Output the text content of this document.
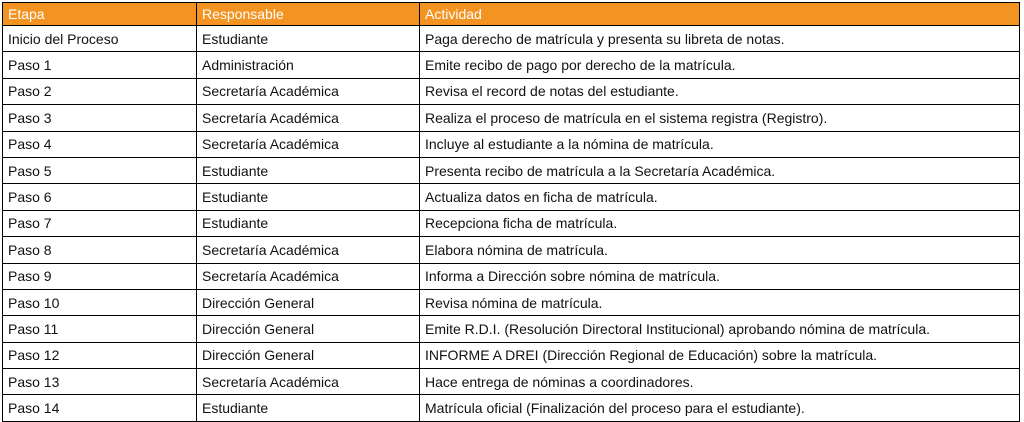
Etapa	Responsable	Actividad
Inicio del Proceso	Estudiante	Paga derecho de matrícula y presenta su libreta de notas.
Paso 1	Administración	Emite recibo de pago por derecho de la matrícula.
Paso 2	Secretaría Académica	Revisa el record de notas del estudiante.
Paso 3	Secretaría Académica	Realiza el proceso de matrícula en el sistema registra (Registro).
Paso 4	Secretaría Académica	Incluye al estudiante a la nómina de matrícula.
Paso 5	Estudiante	Presenta recibo de matrícula a la Secretaría Académica.
Paso 6	Estudiante	Actualiza datos en ficha de matrícula.
Paso 7	Estudiante	Recepciona ficha de matrícula.
Paso 8	Secretaría Académica	Elabora nómina de matrícula.
Paso 9	Secretaría Académica	Informa a Dirección sobre nómina de matrícula.
Paso 10	Dirección General	Revisa nómina de matrícula.
Paso 11	Dirección General	Emite R.D.I. (Resolución Directoral Institucional) aprobando nómina de matrícula.
Paso 12	Dirección General	INFORME A DREI (Dirección Regional de Educación) sobre la matrícula.
Paso 13	Secretaría Académica	Hace entrega de nóminas a coordinadores.
Paso 14	Estudiante	Matrícula oficial (Finalización del proceso para el estudiante).
